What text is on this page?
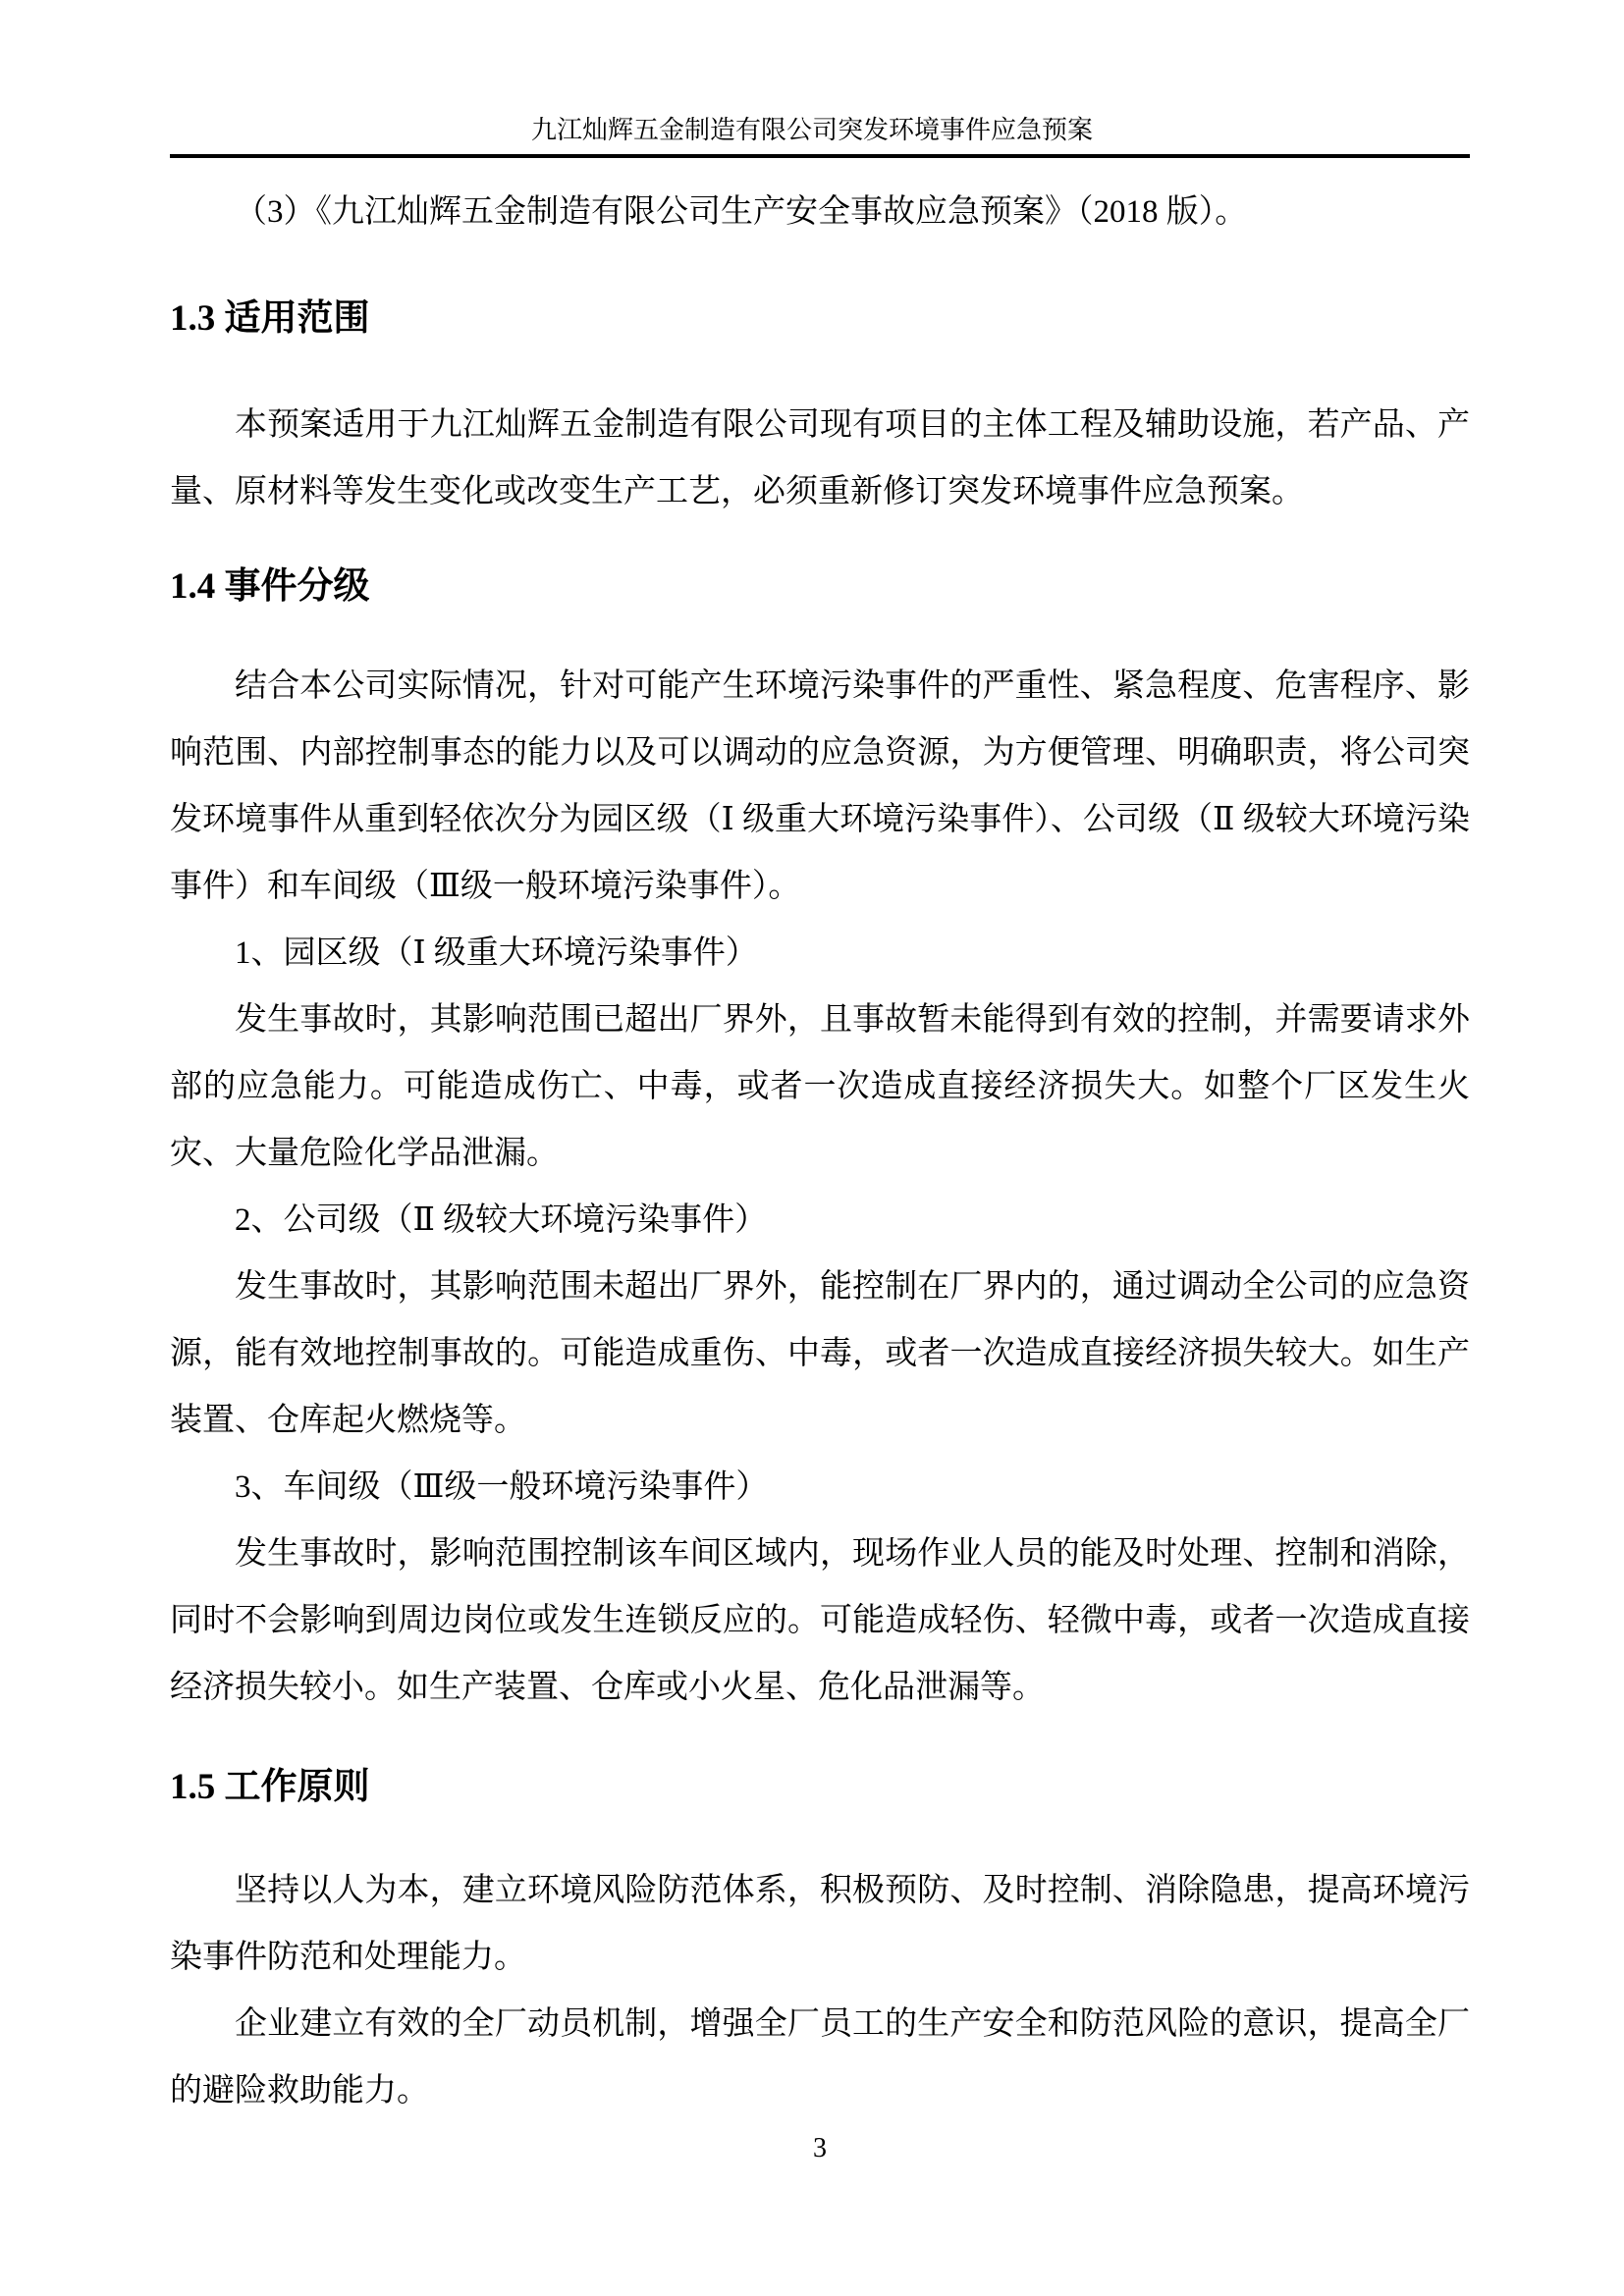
九江灿辉五金制造有限公司突发环境事件应急预案

（3）《九江灿辉五金制造有限公司生产安全事故应急预案》（2018 版）。

1.3 适用范围

本预案适用于九江灿辉五金制造有限公司现有项目的主体工程及辅助设施，若产品、产量、原材料等发生变化或改变生产工艺，必须重新修订突发环境事件应急预案。

1.4 事件分级

结合本公司实际情况，针对可能产生环境污染事件的严重性、紧急程度、危害程序、影响范围、内部控制事态的能力以及可以调动的应急资源，为方便管理、明确职责，将公司突发环境事件从重到轻依次分为园区级（Ⅰ 级重大环境污染事件）、公司级（Ⅱ 级较大环境污染事件）和车间级（Ⅲ级一般环境污染事件）。

1、园区级（Ⅰ 级重大环境污染事件）

发生事故时，其影响范围已超出厂界外，且事故暂未能得到有效的控制，并需要请求外部的应急能力。可能造成伤亡、中毒，或者一次造成直接经济损失大。如整个厂区发生火灾、大量危险化学品泄漏。

2、公司级（Ⅱ 级较大环境污染事件）

发生事故时，其影响范围未超出厂界外，能控制在厂界内的，通过调动全公司的应急资源，能有效地控制事故的。可能造成重伤、中毒，或者一次造成直接经济损失较大。如生产装置、仓库起火燃烧等。

3、车间级（Ⅲ级一般环境污染事件）

发生事故时，影响范围控制该车间区域内，现场作业人员的能及时处理、控制和消除，同时不会影响到周边岗位或发生连锁反应的。可能造成轻伤、轻微中毒，或者一次造成直接经济损失较小。如生产装置、仓库或小火星、危化品泄漏等。

1.5 工作原则

坚持以人为本，建立环境风险防范体系，积极预防、及时控制、消除隐患，提高环境污染事件防范和处理能力。

企业建立有效的全厂动员机制，增强全厂员工的生产安全和防范风险的意识，提高全厂的避险救助能力。

3
